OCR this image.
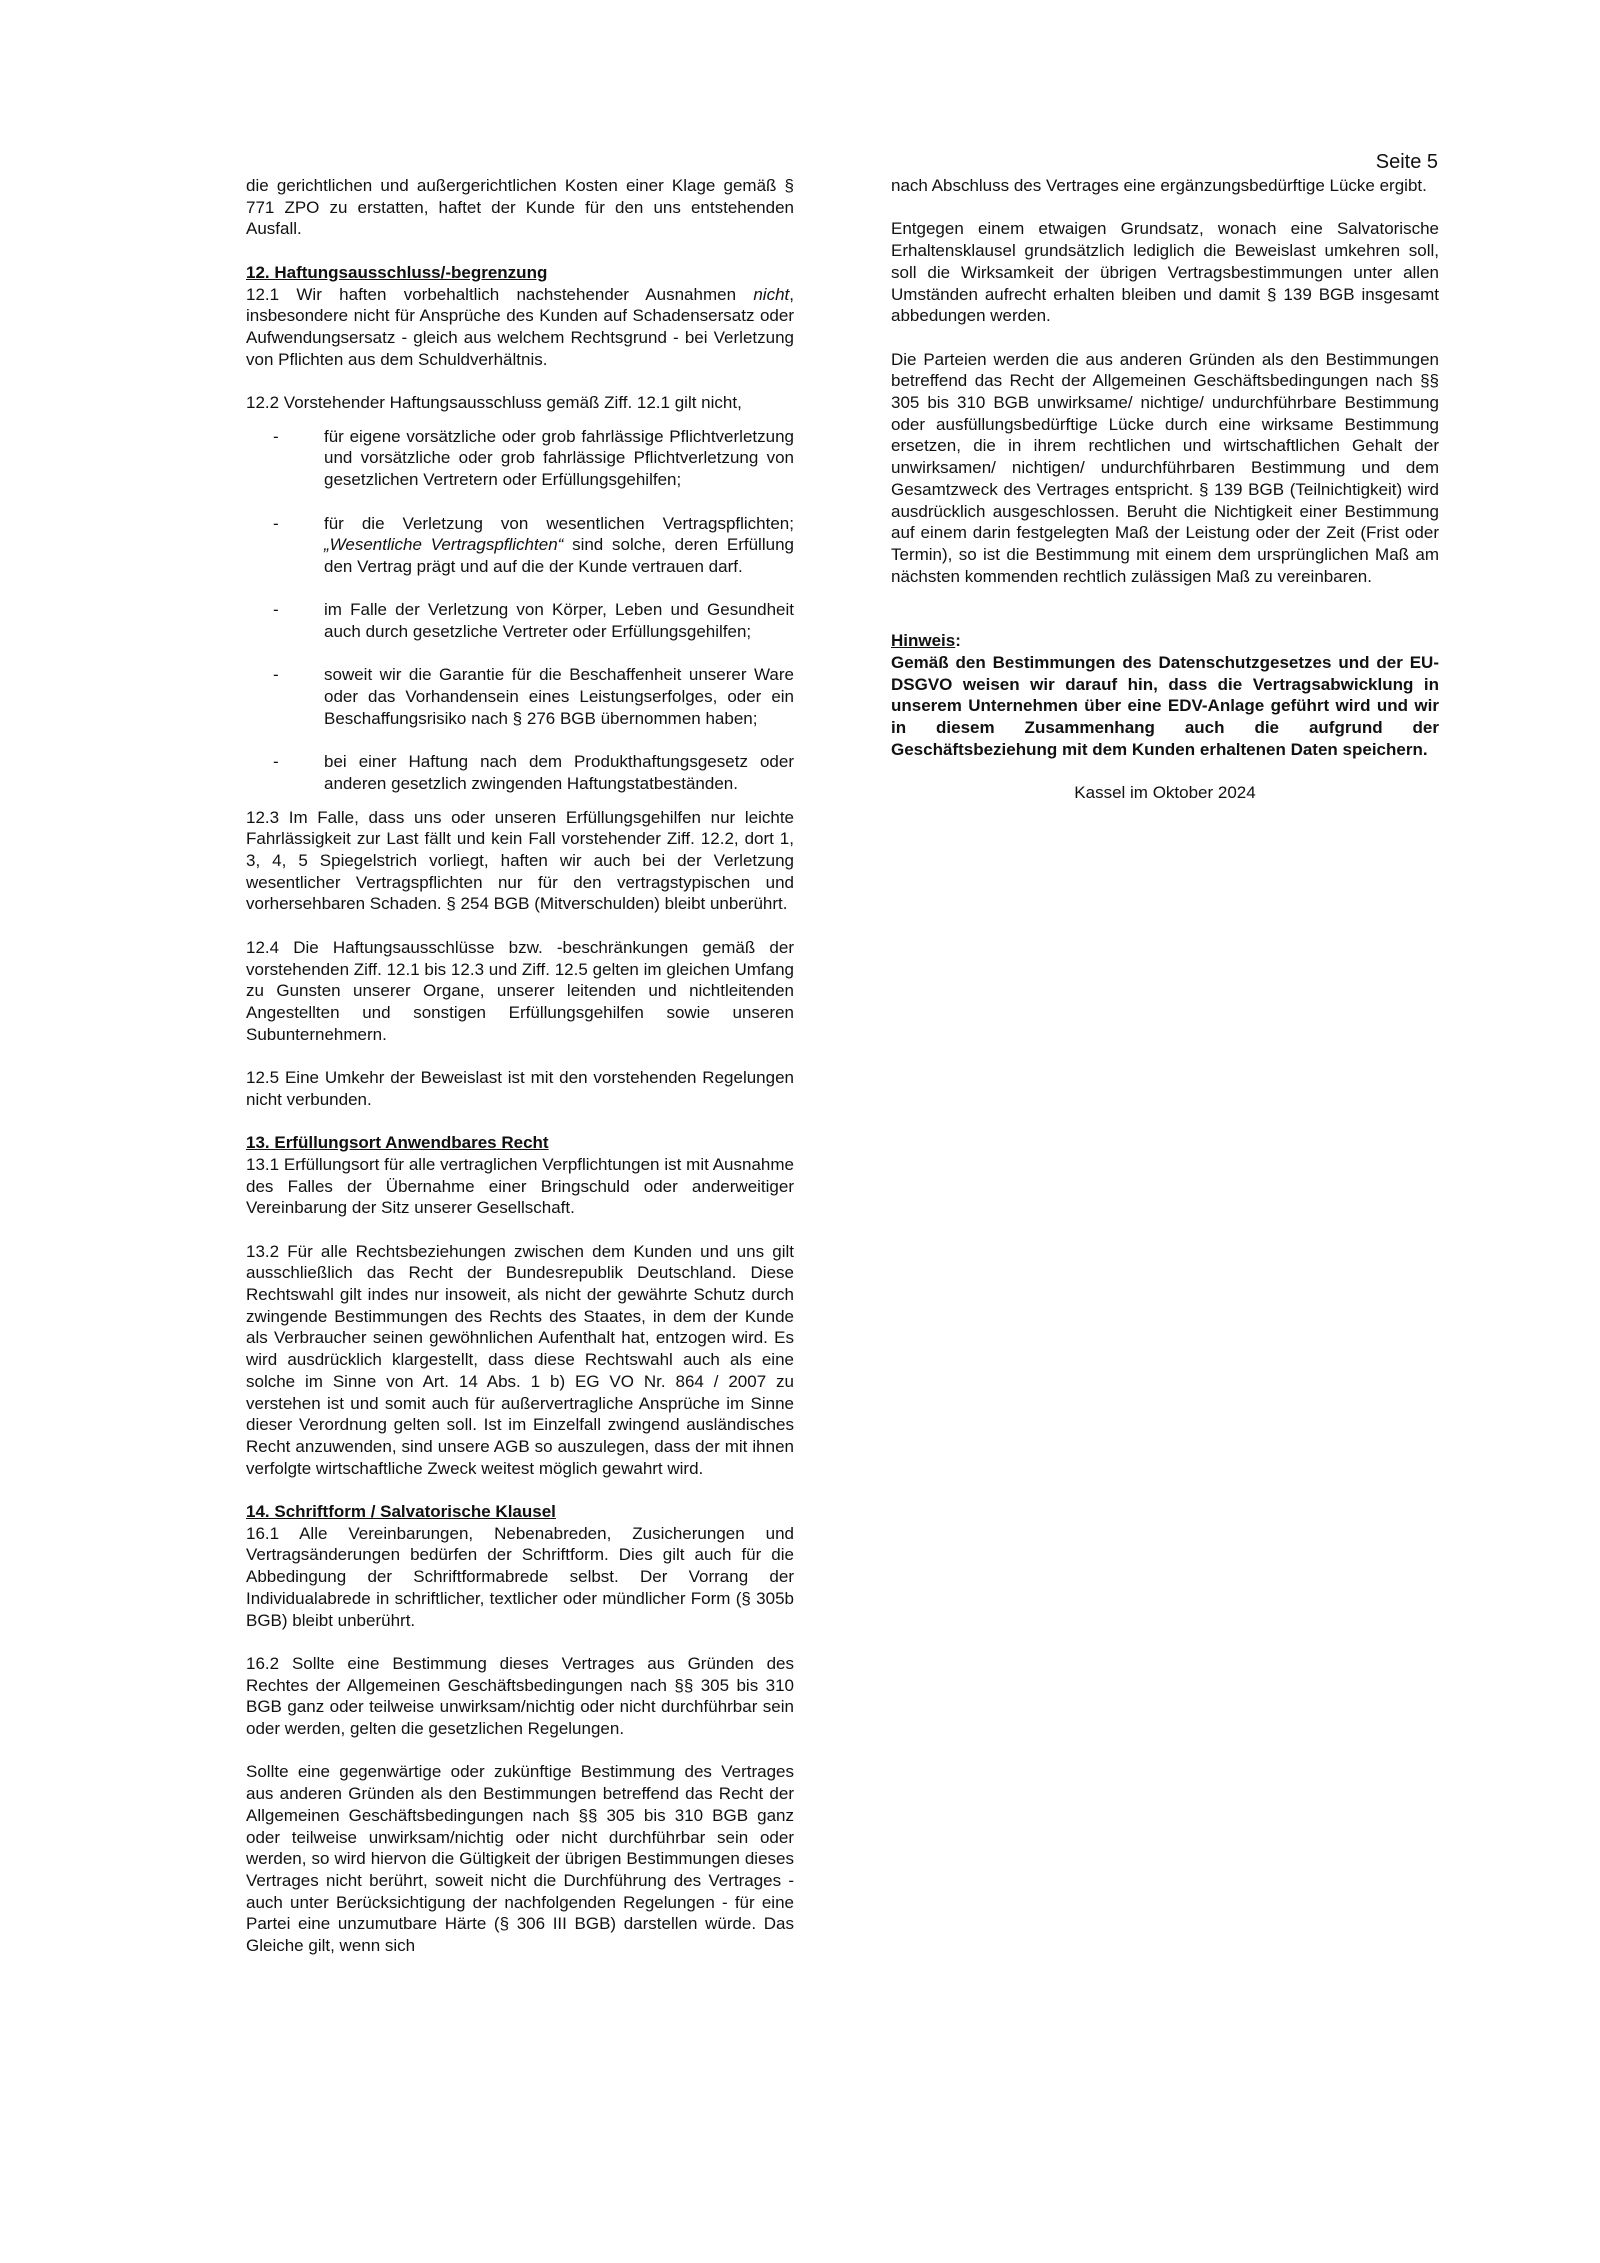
Seite 5

die gerichtlichen und außergerichtlichen Kosten einer Klage gemäß § 771 ZPO zu erstatten, haftet der Kunde für den uns entstehenden Ausfall.

12. Haftungsausschluss/-begrenzung

12.1 Wir haften vorbehaltlich nachstehender Ausnahmen nicht, insbesondere nicht für Ansprüche des Kunden auf Schadensersatz oder Aufwendungsersatz - gleich aus welchem Rechtsgrund - bei Verletzung von Pflichten aus dem Schuldverhältnis.

12.2 Vorstehender Haftungsausschluss gemäß Ziff. 12.1 gilt nicht,

-	für eigene vorsätzliche oder grob fahrlässige Pflichtverletzung und vorsätzliche oder grob fahrlässige Pflichtverletzung von gesetzlichen Vertretern oder Erfüllungsgehilfen;
-	für die Verletzung von wesentlichen Vertragspflichten; „Wesentliche Vertragspflichten“ sind solche, deren Erfüllung den Vertrag prägt und auf die der Kunde vertrauen darf.
-	im Falle der Verletzung von Körper, Leben und Gesundheit auch durch gesetzliche Vertreter oder Erfüllungsgehilfen;
-	soweit wir die Garantie für die Beschaffenheit unserer Ware oder das Vorhandensein eines Leistungserfolges, oder ein Beschaffungsrisiko nach § 276 BGB übernommen haben;
-	bei einer Haftung nach dem Produkthaftungsgesetz oder anderen gesetzlich zwingenden Haftungstatbeständen.

12.3 Im Falle, dass uns oder unseren Erfüllungsgehilfen nur leichte Fahrlässigkeit zur Last fällt und kein Fall vorstehender Ziff. 12.2, dort 1, 3, 4, 5 Spiegelstrich vorliegt, haften wir auch bei der Verletzung wesentlicher Vertragspflichten nur für den vertragstypischen und vorhersehbaren Schaden. § 254 BGB (Mitverschulden) bleibt unberührt.

12.4 Die Haftungsausschlüsse bzw. -beschränkungen gemäß der vorstehenden Ziff. 12.1 bis 12.3 und Ziff. 12.5 gelten im gleichen Umfang zu Gunsten unserer Organe, unserer leitenden und nichtleitenden Angestellten und sonstigen Erfüllungsgehilfen sowie unseren Subunternehmern.

12.5 Eine Umkehr der Beweislast ist mit den vorstehenden Regelungen nicht verbunden.

13. Erfüllungsort Anwendbares Recht

13.1 Erfüllungsort für alle vertraglichen Verpflichtungen ist mit Ausnahme des Falles der Übernahme einer Bringschuld oder anderweitiger Vereinbarung der Sitz unserer Gesellschaft.

13.2 Für alle Rechtsbeziehungen zwischen dem Kunden und uns gilt ausschließlich das Recht der Bundesrepublik Deutschland. Diese Rechtswahl gilt indes nur insoweit, als nicht der gewährte Schutz durch zwingende Bestimmungen des Rechts des Staates, in dem der Kunde als Verbraucher seinen gewöhnlichen Aufenthalt hat, entzogen wird. Es wird ausdrücklich klargestellt, dass diese Rechtswahl auch als eine solche im Sinne von Art. 14 Abs. 1 b) EG VO Nr. 864 / 2007 zu verstehen ist und somit auch für außervertragliche Ansprüche im Sinne dieser Verordnung gelten soll. Ist im Einzelfall zwingend ausländisches Recht anzuwenden, sind unsere AGB so auszulegen, dass der mit ihnen verfolgte wirtschaftliche Zweck weitest möglich gewahrt wird.

14. Schriftform / Salvatorische Klausel

16.1 Alle Vereinbarungen, Nebenabreden, Zusicherungen und Vertragsänderungen bedürfen der Schriftform. Dies gilt auch für die Abbedingung der Schriftformabrede selbst. Der Vorrang der Individualabrede in schriftlicher, textlicher oder mündlicher Form (§ 305b BGB) bleibt unberührt.

16.2 Sollte eine Bestimmung dieses Vertrages aus Gründen des Rechtes der Allgemeinen Geschäftsbedingungen nach §§ 305 bis 310 BGB ganz oder teilweise unwirksam/nichtig oder nicht durchführbar sein oder werden, gelten die gesetzlichen Regelungen.

Sollte eine gegenwärtige oder zukünftige Bestimmung des Vertrages aus anderen Gründen als den Bestimmungen betreffend das Recht der Allgemeinen Geschäftsbedingungen nach §§ 305 bis 310 BGB ganz oder teilweise unwirksam/nichtig oder nicht durchführbar sein oder werden, so wird hiervon die Gültigkeit der übrigen Bestimmungen dieses Vertrages nicht berührt, soweit nicht die Durchführung des Vertrages - auch unter Berücksichtigung der nachfolgenden Regelungen - für eine Partei eine unzumutbare Härte (§ 306 III BGB) darstellen würde. Das Gleiche gilt, wenn sich

nach Abschluss des Vertrages eine ergänzungsbedürftige Lücke ergibt.

Entgegen einem etwaigen Grundsatz, wonach eine Salvatorische Erhaltensklausel grundsätzlich lediglich die Beweislast umkehren soll, soll die Wirksamkeit der übrigen Vertragsbestimmungen unter allen Umständen aufrecht erhalten bleiben und damit § 139 BGB insgesamt abbedungen werden.

Die Parteien werden die aus anderen Gründen als den Bestimmungen betreffend das Recht der Allgemeinen Geschäftsbedingungen nach §§ 305 bis 310 BGB unwirksame/ nichtige/ undurchführbare Bestimmung oder ausfüllungsbedürftige Lücke durch eine wirksame Bestimmung ersetzen, die in ihrem rechtlichen und wirtschaftlichen Gehalt der unwirksamen/ nichtigen/ undurchführbaren Bestimmung und dem Gesamtzweck des Vertrages entspricht. § 139 BGB (Teilnichtigkeit) wird ausdrücklich ausgeschlossen. Beruht die Nichtigkeit einer Bestimmung auf einem darin festgelegten Maß der Leistung oder der Zeit (Frist oder Termin), so ist die Bestimmung mit einem dem ursprünglichen Maß am nächsten kommenden rechtlich zulässigen Maß zu vereinbaren.

Hinweis:

Gemäß den Bestimmungen des Datenschutzgesetzes und der EU-DSGVO weisen wir darauf hin, dass die Vertragsabwicklung in unserem Unternehmen über eine EDV-Anlage geführt wird und wir in diesem Zusammenhang auch die aufgrund der Geschäftsbeziehung mit dem Kunden erhaltenen Daten speichern.

Kassel im Oktober 2024
